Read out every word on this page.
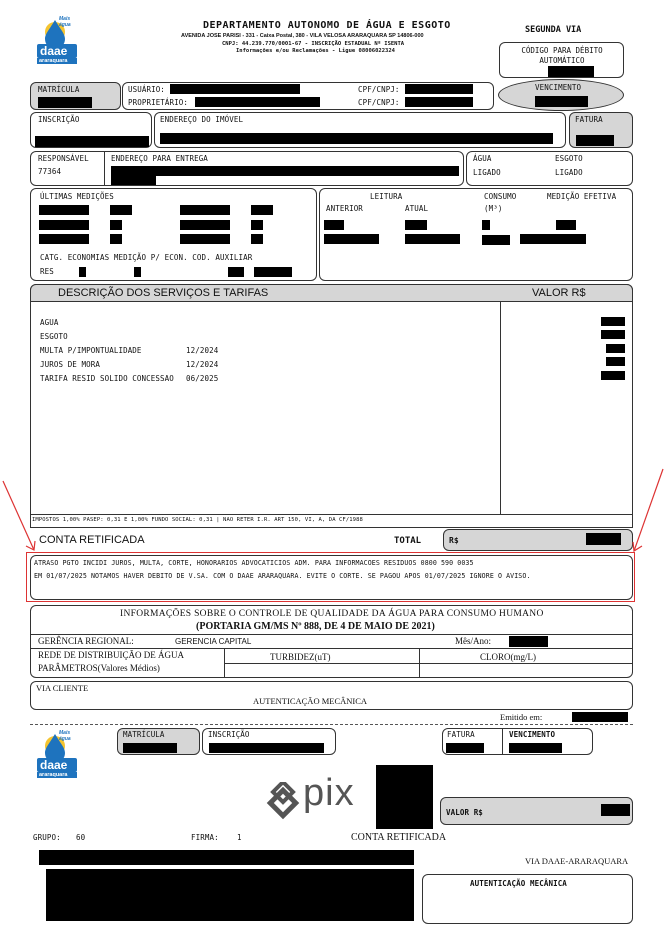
Mais água
daae
araraquara
DEPARTAMENTO AUTONOMO DE ÁGUA E ESGOTO
AVENIDA JOSE PARISI - 331 - Caixa Postal, 380 - VILA VELOSA ARARAQUARA SP 14806-000
CNPJ: 44.239.770/0001-67 - INSCRIÇÃO ESTADUAL Nº ISENTA
Informações e/ou Reclamações - Ligue 08006022324
SEGUNDA VIA
CÓDIGO PARA DÉBITO AUTOMÁTICO
MATRÍCULA	USUÁRIO:
PROPRIETÁRIO:
CPF/CNPJ:
CPF/CNPJ:
VENCIMENTO
INSCRIÇÃO	ENDEREÇO DO IMÓVEL	FATURA
RESPONSÁVEL
77364
ENDEREÇO PARA ENTREGA	ÁGUA
LIGADO
ESGOTO
LIGADO
ÚLTIMAS MEDIÇÕES
CATG. ECONOMIAS MEDIÇÃO P/ ECON. COD. AUXILIAR
RES
LEITURA
ANTERIOR	ATUAL
CONSUMO
(M³)
MEDIÇÃO EFETIVA
DESCRIÇÃO DOS SERVIÇOS E TARIFAS	VALOR R$
AGUA
ESGOTO
MULTA P/IMPONTUALIDADE	12/2024
JUROS DE MORA	12/2024
TARIFA RESID SOLIDO CONCESSAO 06/2025
IMPOSTOS 1,00% PASEP: 0,31 E 1,00% FUNDO SOCIAL: 0,31 | NAO RETER I.R. ART 150, VI, A, DA CF/1988
CONTA RETIFICADA	TOTAL	R$
ATRASO PGTO INCIDI JUROS, MULTA, CORTE, HONORARIOS ADVOCATICIOS ADM. PARA INFORMACOES RESIDUOS 0800 590 0035
EM 01/07/2025 NOTAMOS HAVER DEBITO DE V.SA. COM O DAAE ARARAQUARA. EVITE O CORTE. SE PAGOU APOS 01/07/2025 IGNORE O AVISO.
INFORMAÇÕES SOBRE O CONTROLE DE QUALIDADE DA ÁGUA PARA CONSUMO HUMANO
(PORTARIA GM/MS Nº 888, DE 4 DE MAIO DE 2021)
GERÊNCIA REGIONAL:	GERENCIA CAPITAL	Mês/Ano:
REDE DE DISTRIBUIÇÃO DE ÁGUA
PARÂMETROS(Valores Médios)
TURBIDEZ(uT)	CLORO(mg/L)
VIA CLIENTE
AUTENTICAÇÃO MECÂNICA
Emitido em:
Mais água
daae
araraquara
MATRÍCULA	INSCRIÇÃO	FATURA	VENCIMENTO
pix	VALOR R$
GRUPO: 60	FIRMA: 1	CONTA RETIFICADA
VIA DAAE-ARARAQUARA
AUTENTICAÇÃO MECÂNICA
